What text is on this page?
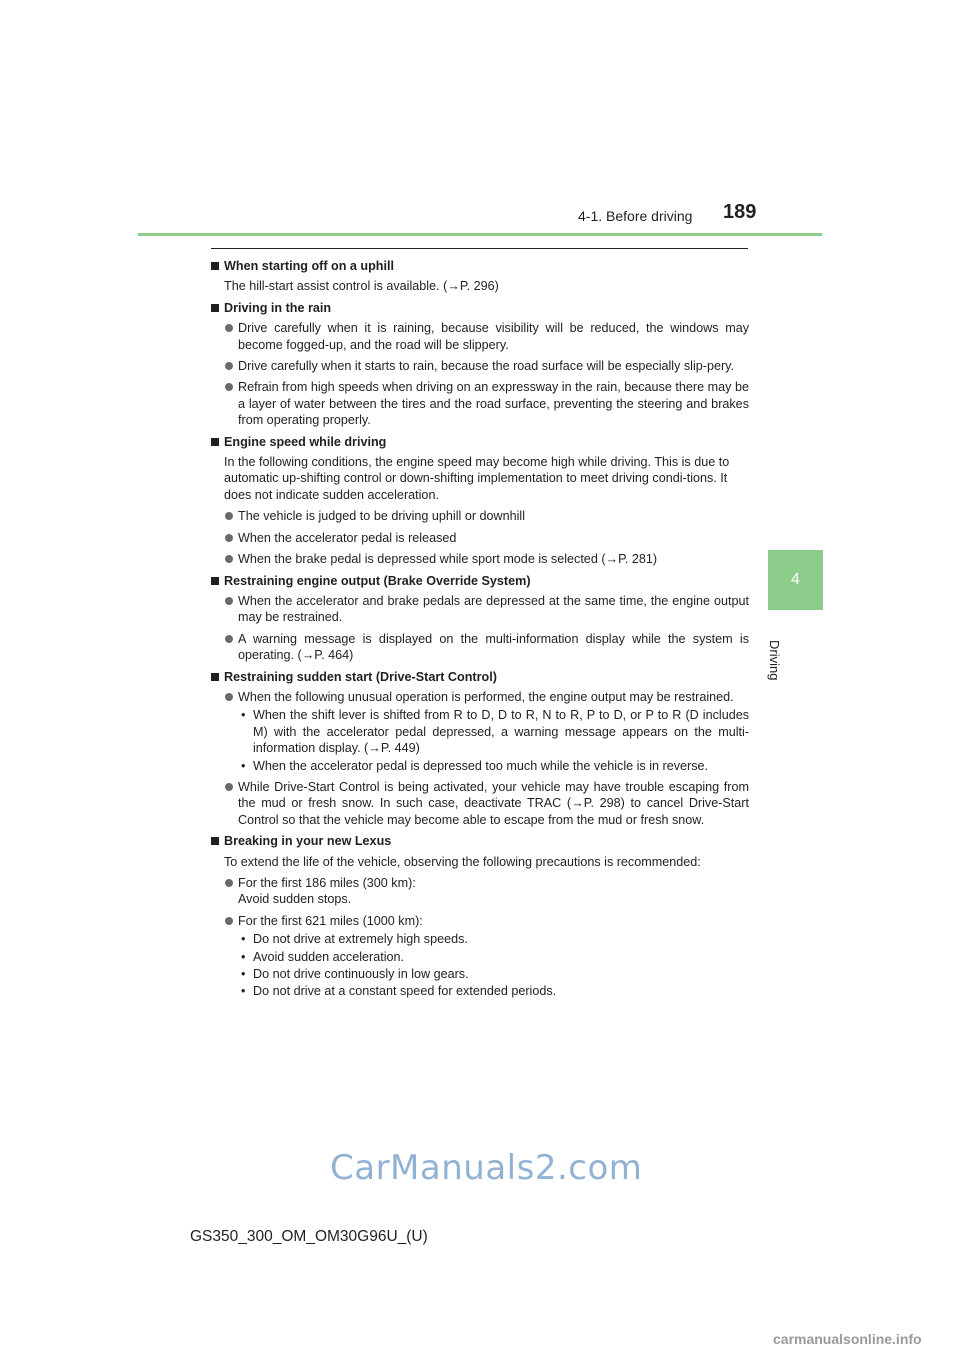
4-1. Before driving 189
4
Driving
When starting off on a uphill
The hill-start assist control is available. (→P. 296)
Driving in the rain
Drive carefully when it is raining, because visibility will be reduced, the windows may become fogged-up, and the road will be slippery.
Drive carefully when it starts to rain, because the road surface will be especially slip-pery.
Refrain from high speeds when driving on an expressway in the rain, because there may be a layer of water between the tires and the road surface, preventing the steering and brakes from operating properly.
Engine speed while driving
In the following conditions, the engine speed may become high while driving. This is due to automatic up-shifting control or down-shifting implementation to meet driving condi-tions. It does not indicate sudden acceleration.
The vehicle is judged to be driving uphill or downhill
When the accelerator pedal is released
When the brake pedal is depressed while sport mode is selected (→P. 281)
Restraining engine output (Brake Override System)
When the accelerator and brake pedals are depressed at the same time, the engine output may be restrained.
A warning message is displayed on the multi-information display while the system is operating. (→P. 464)
Restraining sudden start (Drive-Start Control)
When the following unusual operation is performed, the engine output may be restrained.
• When the shift lever is shifted from R to D, D to R, N to R, P to D, or P to R (D includes M) with the accelerator pedal depressed, a warning message appears on the multi-information display. (→P. 449)
• When the accelerator pedal is depressed too much while the vehicle is in reverse.
While Drive-Start Control is being activated, your vehicle may have trouble escaping from the mud or fresh snow. In such case, deactivate TRAC (→P. 298) to cancel Drive-Start Control so that the vehicle may become able to escape from the mud or fresh snow.
Breaking in your new Lexus
To extend the life of the vehicle, observing the following precautions is recommended:
For the first 186 miles (300 km):
Avoid sudden stops.
For the first 621 miles (1000 km):
• Do not drive at extremely high speeds.
• Avoid sudden acceleration.
• Do not drive continuously in low gears.
• Do not drive at a constant speed for extended periods.
CarManuals2.com
GS350_300_OM_OM30G96U_(U)
carmanualsonline.info
